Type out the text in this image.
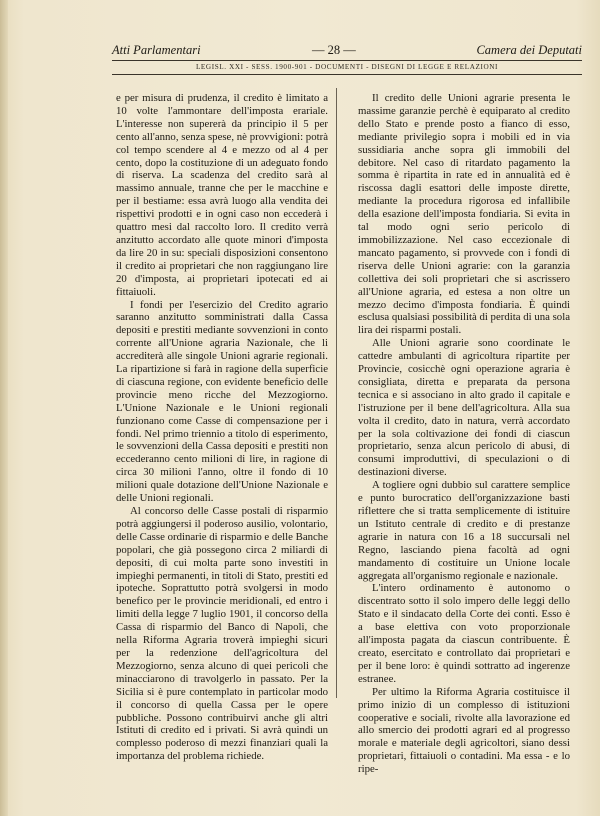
Atti Parlamentari	— 28 —	Camera dei Deputati
LEGISL. XXI - SESS. 1900-901 - DOCUMENTI - DISEGNI DI LEGGE E RELAZIONI

e per misura di prudenza, il credito è limitato a 10 volte l'ammontare dell'imposta erariale. L'interesse non supererà da principio il 5 per cento all'anno, senza spese, nè provvigioni: potrà col tempo scendere al 4 e mezzo od al 4 per cento, dopo la costituzione di un adeguato fondo di riserva. La scadenza del credito sarà al massimo annuale, tranne che per le macchine e per il bestiame: essa avrà luogo alla vendita dei rispettivi prodotti e in ogni caso non eccederà i quattro mesi dal raccolto loro. Il credito verrà anzitutto accordato alle quote minori d'imposta da lire 20 in su: speciali disposizioni consentono il credito ai proprietari che non raggiungano lire 20 d'imposta, ai proprietari ipotecati ed ai fittaiuoli.

I fondi per l'esercizio del Credito agrario saranno anzitutto somministrati dalla Cassa depositi e prestiti mediante sovvenzioni in conto corrente all'Unione agraria Nazionale, che li accrediterà alle singole Unioni agrarie regionali. La ripartizione si farà in ragione della superficie di ciascuna regione, con evidente beneficio delle provincie meno ricche del Mezzogiorno. L'Unione Nazionale e le Unioni regionali funzionano come Casse di compensazione per i fondi. Nel primo triennio a titolo di esperimento, le sovvenzioni della Cassa depositi e prestiti non eccederanno cento milioni di lire, in ragione di circa 30 milioni l'anno, oltre il fondo di 10 milioni quale dotazione dell'Unione Nazionale e delle Unioni regionali.

Al concorso delle Casse postali di risparmio potrà aggiungersi il poderoso ausilio, volontario, delle Casse ordinarie di risparmio e delle Banche popolari, che già possegono circa 2 miliardi di depositi, di cui molta parte sono investiti in impieghi permanenti, in titoli di Stato, prestiti ed ipoteche. Soprattutto potrà svolgersi in modo benefico per le provincie meridionali, ed entro i limiti della legge 7 luglio 1901, il concorso della Cassa di risparmio del Banco di Napoli, che nella Riforma Agraria troverà impieghi sicuri per la redenzione dell'agricoltura del Mezzogiorno, senza alcuno di quei pericoli che minacciarono di travolgerlo in passato. Per la Sicilia si è pure contemplato in particolar modo il concorso di quella Cassa per le opere pubbliche. Possono contribuirvi anche gli altri Istituti di credito ed i privati. Si avrà quindi un complesso poderoso di mezzi finanziari quali la importanza del problema richiede.

Il credito delle Unioni agrarie presenta le massime garanzie perchè è equiparato al credito dello Stato e prende posto a fianco di esso, mediante privilegio sopra i mobili ed in via sussidiaria anche sopra gli immobili del debitore. Nel caso di ritardato pagamento la somma è ripartita in rate ed in annualità ed è riscossa dagli esattori delle imposte dirette, mediante la procedura rigorosa ed infallibile della esazione dell'imposta fondiaria. Si evita in tal modo ogni serio pericolo di immobilizzazione. Nel caso eccezionale di mancato pagamento, si provvede con i fondi di riserva delle Unioni agrarie: con la garanzia collettiva dei soli proprietari che si ascrissero all'Unione agraria, ed estesa a non oltre un mezzo decimo d'imposta fondiaria. È quindi esclusa qualsiasi possibilità di perdita di una sola lira dei risparmi postali.

Alle Unioni agrarie sono coordinate le cattedre ambulanti di agricoltura ripartite per Provincie, cosicchè ogni operazione agraria è consigliata, diretta e preparata da persona tecnica e si associano in alto grado il capitale e l'istruzione per il bene dell'agricoltura. Alla sua volta il credito, dato in natura, verrà accordato per la sola coltivazione dei fondi di ciascun proprietario, senza alcun pericolo di abusi, di consumi improduttivi, di speculazioni o di destinazioni diverse.

A togliere ogni dubbio sul carattere semplice e punto burocratico dell'organizzazione basti riflettere che si tratta semplicemente di istituire un Istituto centrale di credito e di prestanze agrarie in natura con 16 a 18 succursali nel Regno, lasciando piena facoltà ad ogni mandamento di costituire un Unione locale aggregata all'organismo regionale e nazionale.

L'intero ordinamento è autonomo o discentrato sotto il solo impero delle leggi dello Stato e il sindacato della Corte dei conti. Esso è a base elettiva con voto proporzionale all'imposta pagata da ciascun contribuente. È creato, esercitato e controllato dai proprietari e per il bene loro: è quindi sottratto ad ingerenze estranee.

Per ultimo la Riforma Agraria costituisce il primo inizio di un complesso di istituzioni cooperative e sociali, rivolte alla lavorazione ed allo smercio dei prodotti agrari ed al progresso morale e materiale degli agricoltori, siano dessi proprietari, fittaiuoli o contadini. Ma essa - e lo ripe-
